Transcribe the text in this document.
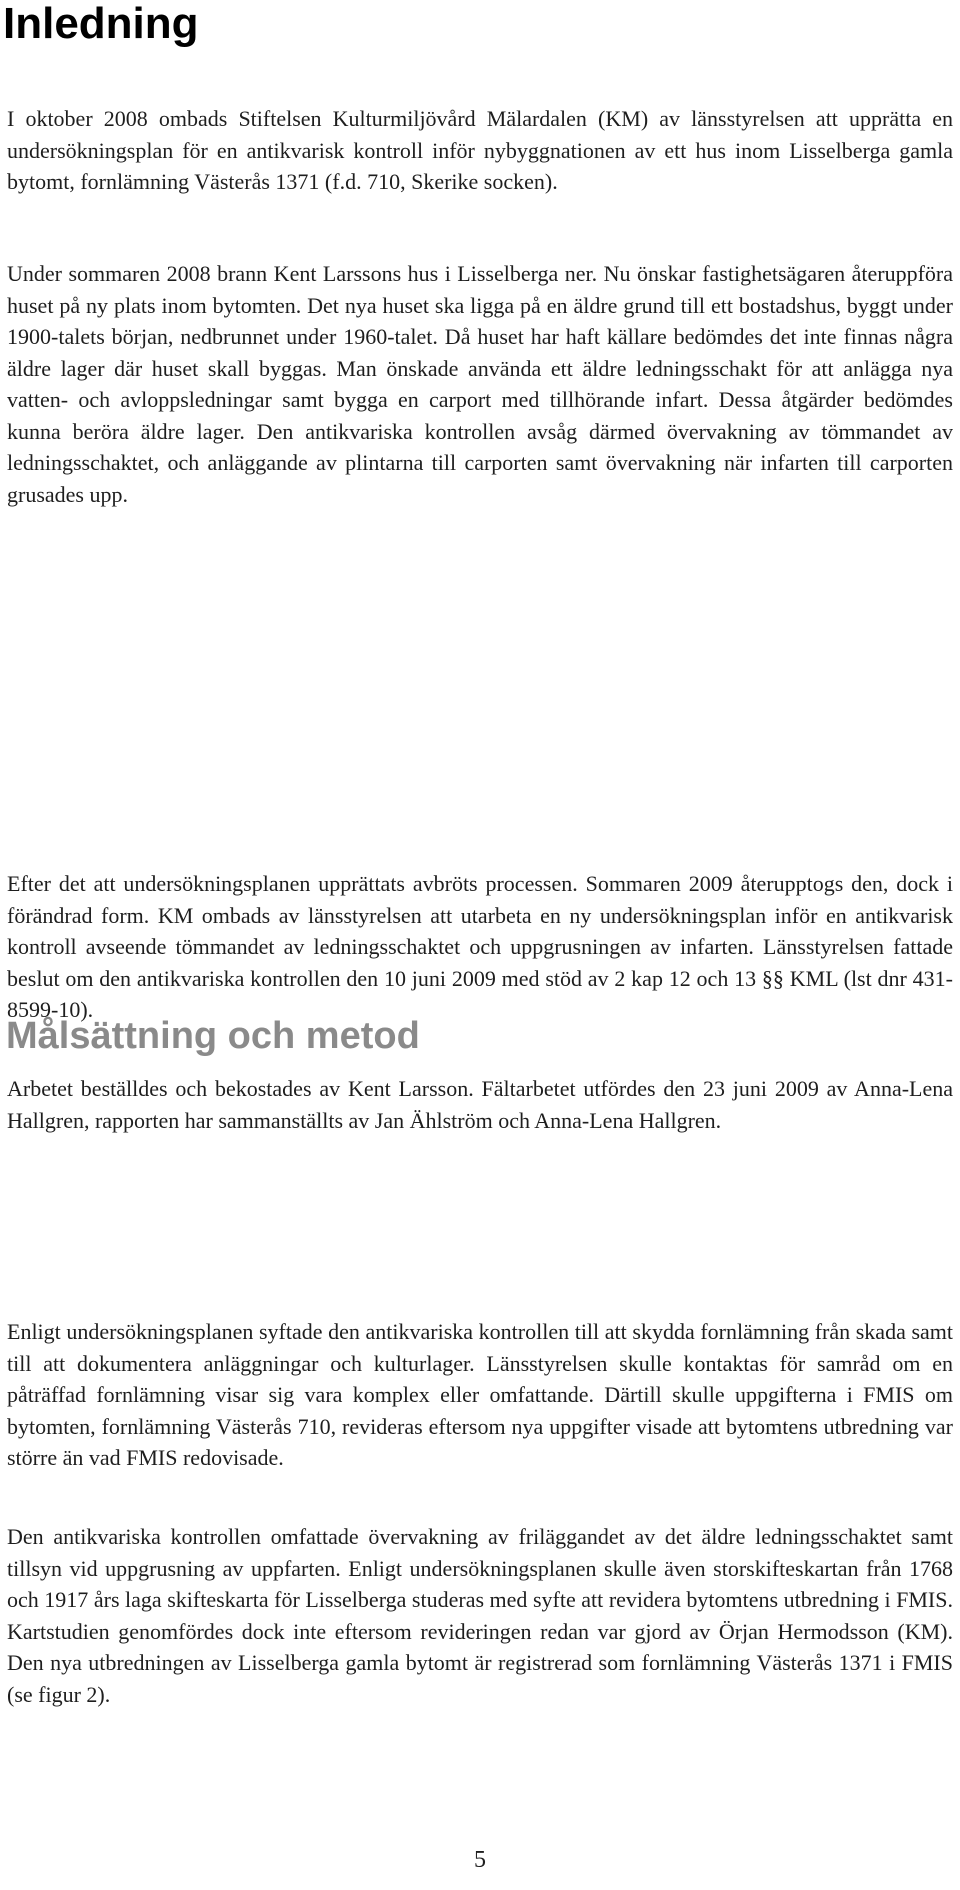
Inledning

I oktober 2008 ombads Stiftelsen Kulturmiljövård Mälardalen (KM) av länsstyrelsen att upprätta en undersökningsplan för en antikvarisk kontroll inför nybyggnationen av ett hus inom Lisselberga gamla bytomt, fornlämning Västerås 1371 (f.d. 710, Skerike socken).

Under sommaren 2008 brann Kent Larssons hus i Lisselberga ner. Nu önskar fastighetsägaren återuppföra huset på ny plats inom bytomten. Det nya huset ska ligga på en äldre grund till ett bostadshus, byggt under 1900-talets början, nedbrunnet under 1960-talet. Då huset har haft källare bedömdes det inte finnas några äldre lager där huset skall byggas. Man önskade använda ett äldre ledningsschakt för att anlägga nya vatten- och avloppsledningar samt bygga en carport med tillhörande infart. Dessa åtgärder bedömdes kunna beröra äldre lager. Den antikvariska kontrollen avsåg därmed övervakning av tömmandet av ledningsschaktet, och anläggande av plintarna till carporten samt övervakning när infarten till carporten grusades upp.

Efter det att undersökningsplanen upprättats avbröts processen. Sommaren 2009 återupptogs den, dock i förändrad form. KM ombads av länsstyrelsen att utarbeta en ny undersökningsplan inför en antikvarisk kontroll avseende tömmandet av ledningsschaktet och uppgrusningen av infarten. Länsstyrelsen fattade beslut om den antikvariska kontrollen den 10 juni 2009 med stöd av 2 kap 12 och 13 §§ KML (lst dnr 431-8599-10).

Arbetet beställdes och bekostades av Kent Larsson. Fältarbetet utfördes den 23 juni 2009 av Anna-Lena Hallgren, rapporten har sammanställts av Jan Ählström och Anna-Lena Hallgren.

Målsättning och metod

Enligt undersökningsplanen syftade den antikvariska kontrollen till att skydda fornlämning från skada samt till att dokumentera anläggningar och kulturlager. Länsstyrelsen skulle kontaktas för samråd om en påträffad fornlämning visar sig vara komplex eller omfattande. Därtill skulle uppgifterna i FMIS om bytomten, fornlämning Västerås 710, revideras eftersom nya uppgifter visade att bytomtens utbredning var större än vad FMIS redovisade.

Den antikvariska kontrollen omfattade övervakning av friläggandet av det äldre ledningsschaktet samt tillsyn vid uppgrusning av uppfarten. Enligt undersökningsplanen skulle även storskifteskartan från 1768 och 1917 års laga skifteskarta för Lisselberga studeras med syfte att revidera bytomtens utbredning i FMIS. Kartstudien genomfördes dock inte eftersom revideringen redan var gjord av Örjan Hermodsson (KM). Den nya utbredningen av Lisselberga gamla bytomt är registrerad som fornlämning Västerås 1371 i FMIS (se figur 2).

5
